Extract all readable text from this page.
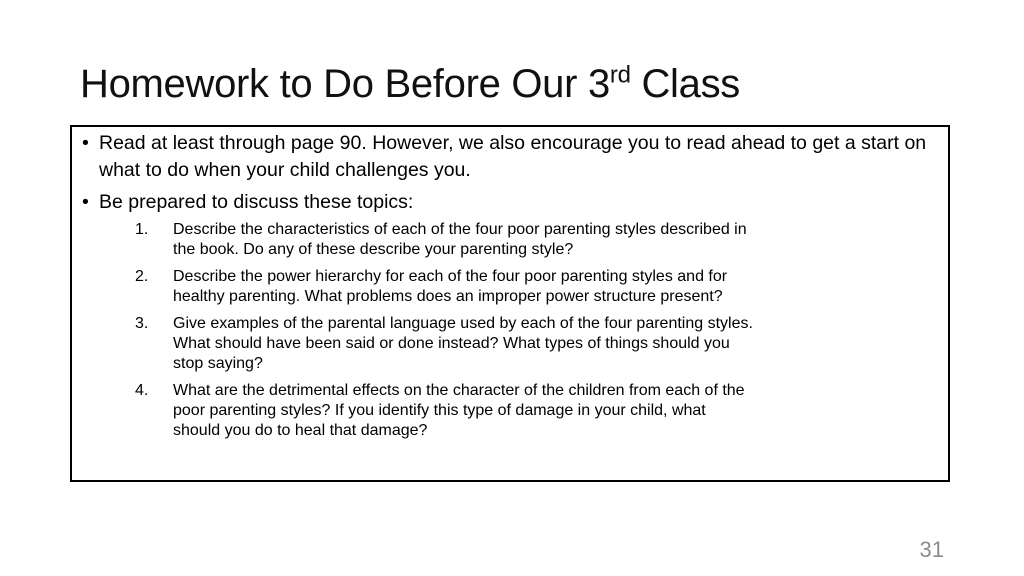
Homework to Do Before Our 3rd Class
• Read at least through page 90. However, we also encourage you to read ahead to get a start on what to do when your child challenges you.
• Be prepared to discuss these topics:
1. Describe the characteristics of each of the four poor parenting styles described in
the book. Do any of these describe your parenting style?
2. Describe the power hierarchy for each of the four poor parenting styles and for
healthy parenting. What problems does an improper power structure present?
3. Give examples of the parental language used by each of the four parenting styles.
What should have been said or done instead? What types of things should you
stop saying?
4. What are the detrimental effects on the character of the children from each of the
poor parenting styles? If you identify this type of damage in your child, what
should you do to heal that damage?
31
